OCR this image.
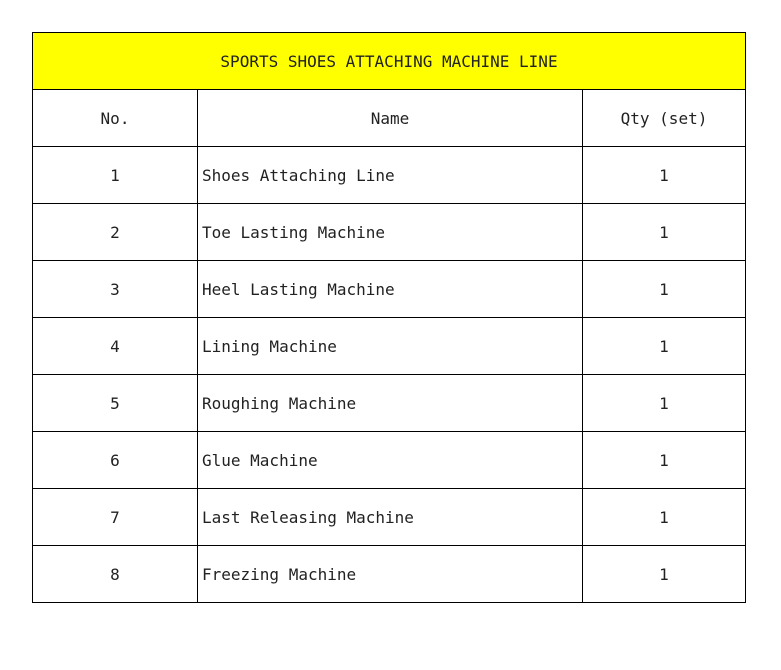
SPORTS SHOES ATTACHING MACHINE LINE		
No.	Name	Qty (set)
1	Shoes Attaching Line	1
2	Toe Lasting Machine	1
3	Heel Lasting Machine	1
4	Lining Machine	1
5	Roughing Machine	1
6	Glue Machine	1
7	Last Releasing Machine	1
8	Freezing Machine	1
